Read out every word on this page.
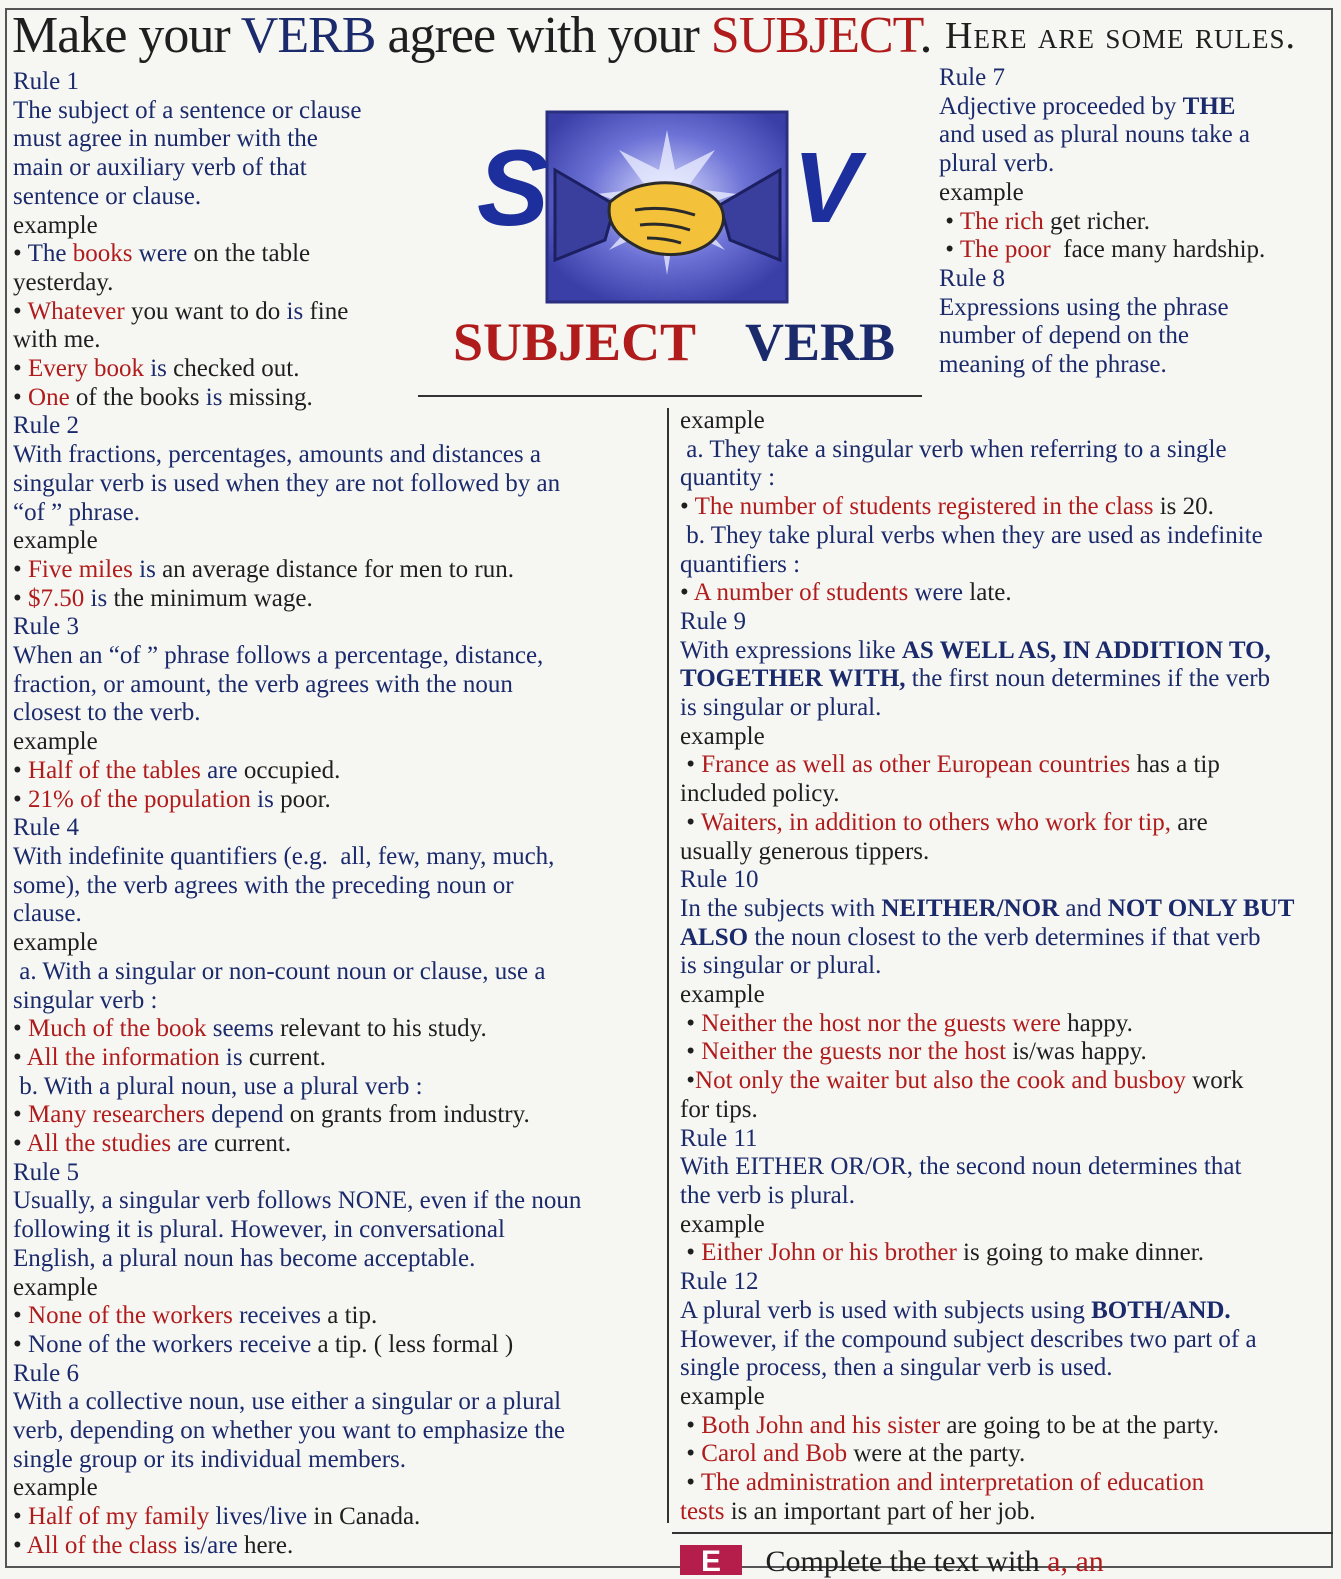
Make your VERB agree with your SUBJECT. Here are some rules.
S V
SUBJECT VERB
Rule 1
The subject of a sentence or clause
must agree in number with the
main or auxiliary verb of that
sentence or clause.
example
• The books were on the table
yesterday.
• Whatever you want to do is fine
with me.
• Every book is checked out.
• One of the books is missing.
Rule 2
With fractions, percentages, amounts and distances a
singular verb is used when they are not followed by an
“of ” phrase.
example
• Five miles is an average distance for men to run.
• $7.50 is the minimum wage.
Rule 3
When an “of ” phrase follows a percentage, distance,
fraction, or amount, the verb agrees with the noun
closest to the verb.
example
• Half of the tables are occupied.
• 21% of the population is poor.
Rule 4
With indefinite quantifiers (e.g.  all, few, many, much,
some), the verb agrees with the preceding noun or
clause.
example
a. With a singular or non-count noun or clause, use a
singular verb :
• Much of the book seems relevant to his study.
• All the information is current.
b. With a plural noun, use a plural verb :
• Many researchers depend on grants from industry.
• All the studies are current.
Rule 5
Usually, a singular verb follows NONE, even if the noun
following it is plural. However, in conversational
English, a plural noun has become acceptable.
example
• None of the workers receives a tip.
• None of the workers receive a tip. ( less formal )
Rule 6
With a collective noun, use either a singular or a plural
verb, depending on whether you want to emphasize the
single group or its individual members.
example
• Half of my family lives/live in Canada.
• All of the class is/are here.
Rule 7
Adjective proceeded by THE
and used as plural nouns take a
plural verb.
example
• The rich get richer.
• The poor  face many hardship.
Rule 8
Expressions using the phrase
number of depend on the
meaning of the phrase.
example
a. They take a singular verb when referring to a single
quantity :
• The number of students registered in the class is 20.
b. They take plural verbs when they are used as indefinite
quantifiers :
• A number of students were late.
Rule 9
With expressions like AS WELL AS, IN ADDITION TO,
TOGETHER WITH, the first noun determines if the verb
is singular or plural.
example
• France as well as other European countries has a tip
included policy.
• Waiters, in addition to others who work for tip, are
usually generous tippers.
Rule 10
In the subjects with NEITHER/NOR and NOT ONLY BUT
ALSO the noun closest to the verb determines if that verb
is singular or plural.
example
• Neither the host nor the guests were happy.
• Neither the guests nor the host is/was happy.
•Not only the waiter but also the cook and busboy work
for tips.
Rule 11
With EITHER OR/OR, the second noun determines that
the verb is plural.
example
• Either John or his brother is going to make dinner.
Rule 12
A plural verb is used with subjects using BOTH/AND.
However, if the compound subject describes two part of a
single process, then a singular verb is used.
example
• Both John and his sister are going to be at the party.
• Carol and Bob were at the party.
• The administration and interpretation of education
tests is an important part of her job.
E Complete the text with a, an
